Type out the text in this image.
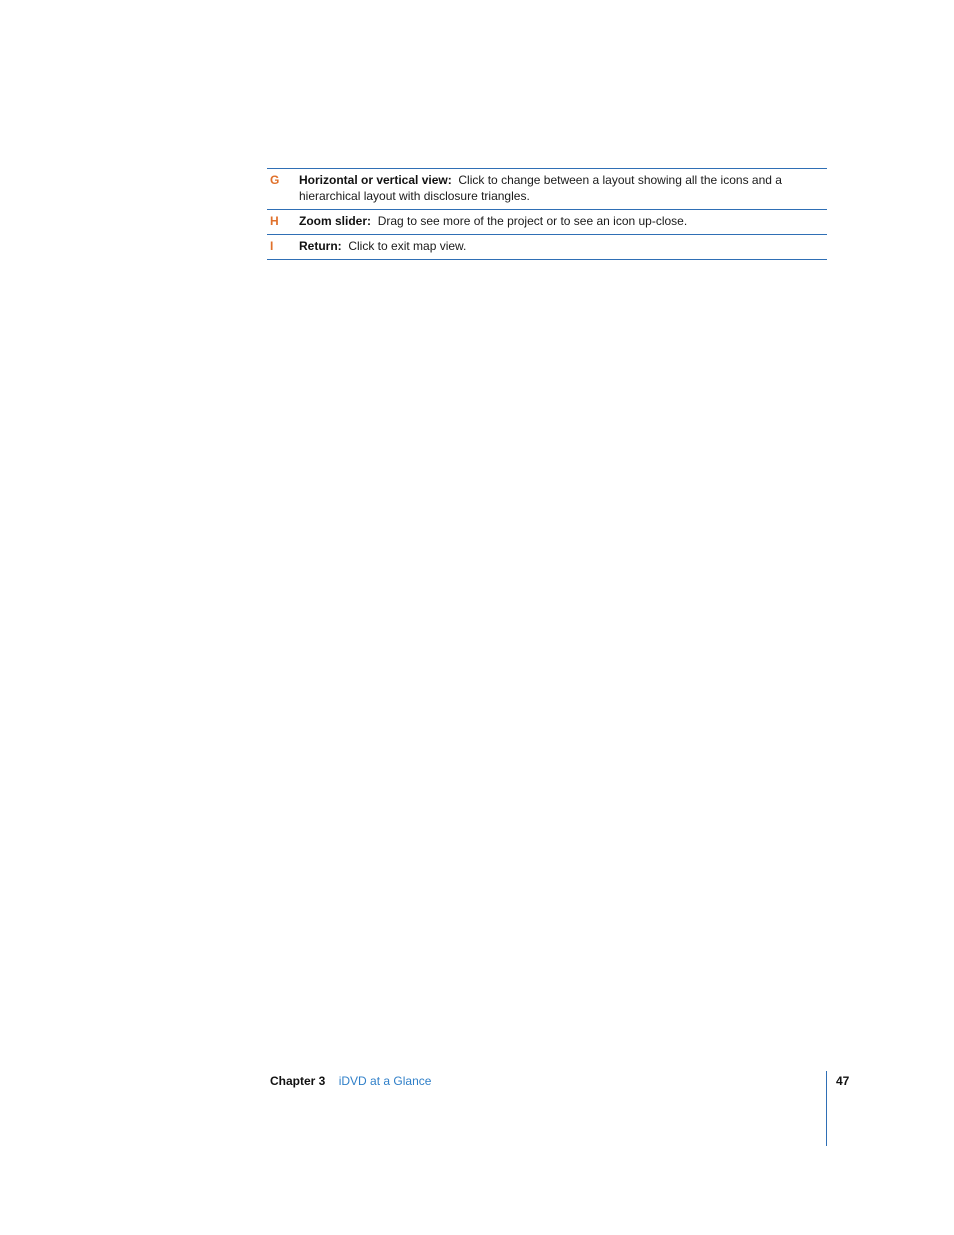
G Horizontal or vertical view: Click to change between a layout showing all the icons and a hierarchical layout with disclosure triangles.
H Zoom slider: Drag to see more of the project or to see an icon up-close.
I Return: Click to exit map view.
Chapter 3 iDVD at a Glance	47
